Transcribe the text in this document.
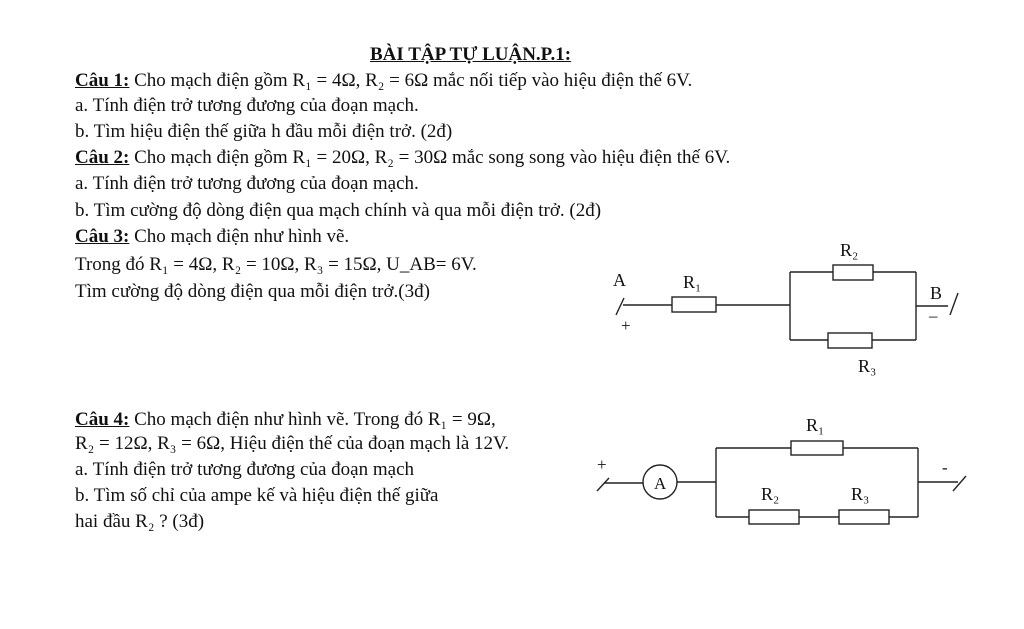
BÀI TẬP TỰ LUẬN.P.1:
Câu 1: Cho mạch điện gồm R₁ = 4Ω, R₂ = 6Ω mắc nối tiếp vào hiệu điện thế 6V.
a. Tính điện trở tương đương của đoạn mạch.
b. Tìm hiệu điện thế giữa h đầu mỗi điện trở. (2đ)
Câu 2: Cho mạch điện gồm R₁ = 20Ω, R₂ = 30Ω mắc song song vào hiệu điện thế 6V.
a. Tính điện trở tương đương của đoạn mạch.
b. Tìm cường độ dòng điện qua mạch chính và qua mỗi điện trở. (2đ)
Câu 3: Cho mạch điện như hình vẽ.
Trong đó R₁ = 4Ω, R₂ = 10Ω, R₃ = 15Ω, U_AB= 6V.
Tìm cường độ dòng điện qua mỗi điện trở.(3đ)
A
+
R₁
R₂
R₃
B
–
Câu 4: Cho mạch điện như hình vẽ. Trong đó R₁ = 9Ω,
R₂ = 12Ω, R₃ = 6Ω, Hiệu điện thế của đoạn mạch là 12V.
a. Tính điện trở tương đương của đoạn mạch
b. Tìm số chỉ của ampe kế và hiệu điện thế giữa
hai đầu R₂ ? (3đ)
A
+	-
R₁
R₂	R₃
